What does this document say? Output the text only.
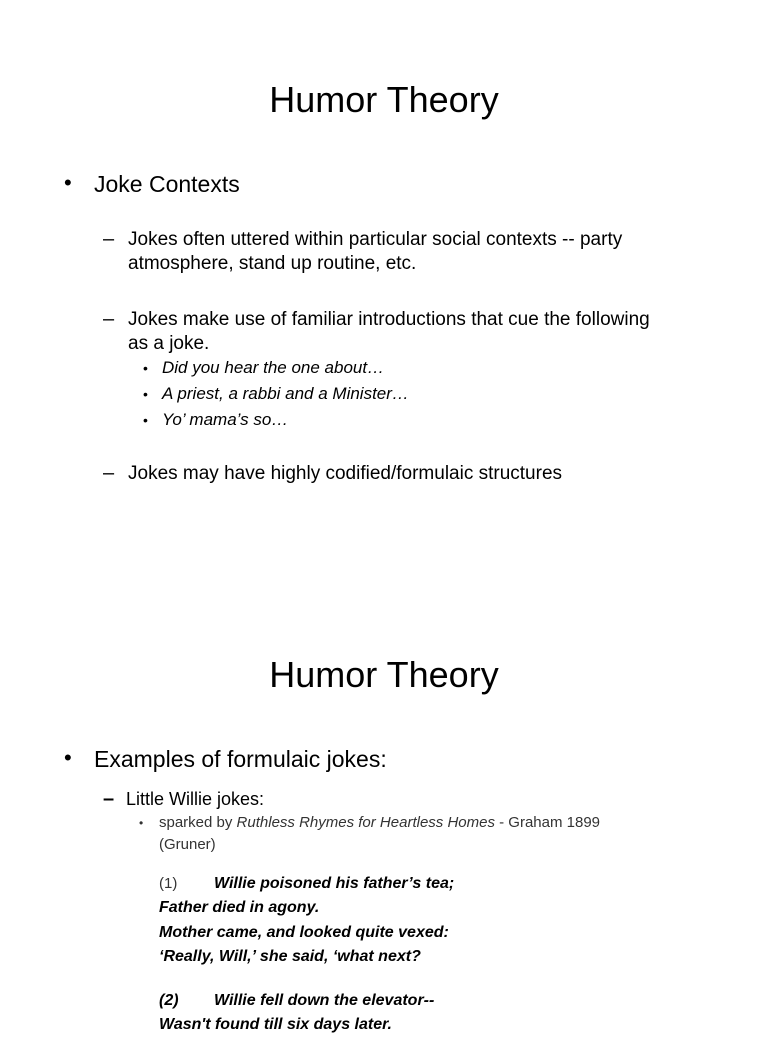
Humor Theory
• Joke Contexts
– Jokes often uttered within particular social contexts -- party
atmosphere, stand up routine, etc.
– Jokes make use of familiar introductions that cue the following
as a joke.
• Did you hear the one about…
• A priest, a rabbi and a Minister…
• Yo’ mama’s so…
– Jokes may have highly codified/formulaic structures
Humor Theory
• Examples of formulaic jokes:
– Little Willie jokes:
• sparked by Ruthless Rhymes for Heartless Homes - Graham 1899
(Gruner)
(1) Willie poisoned his father’s tea;
Father died in agony.
Mother came, and looked quite vexed:
‘Really, Will,’ she said, ‘what next?
(2) Willie fell down the elevator--
Wasn't found till six days later.
